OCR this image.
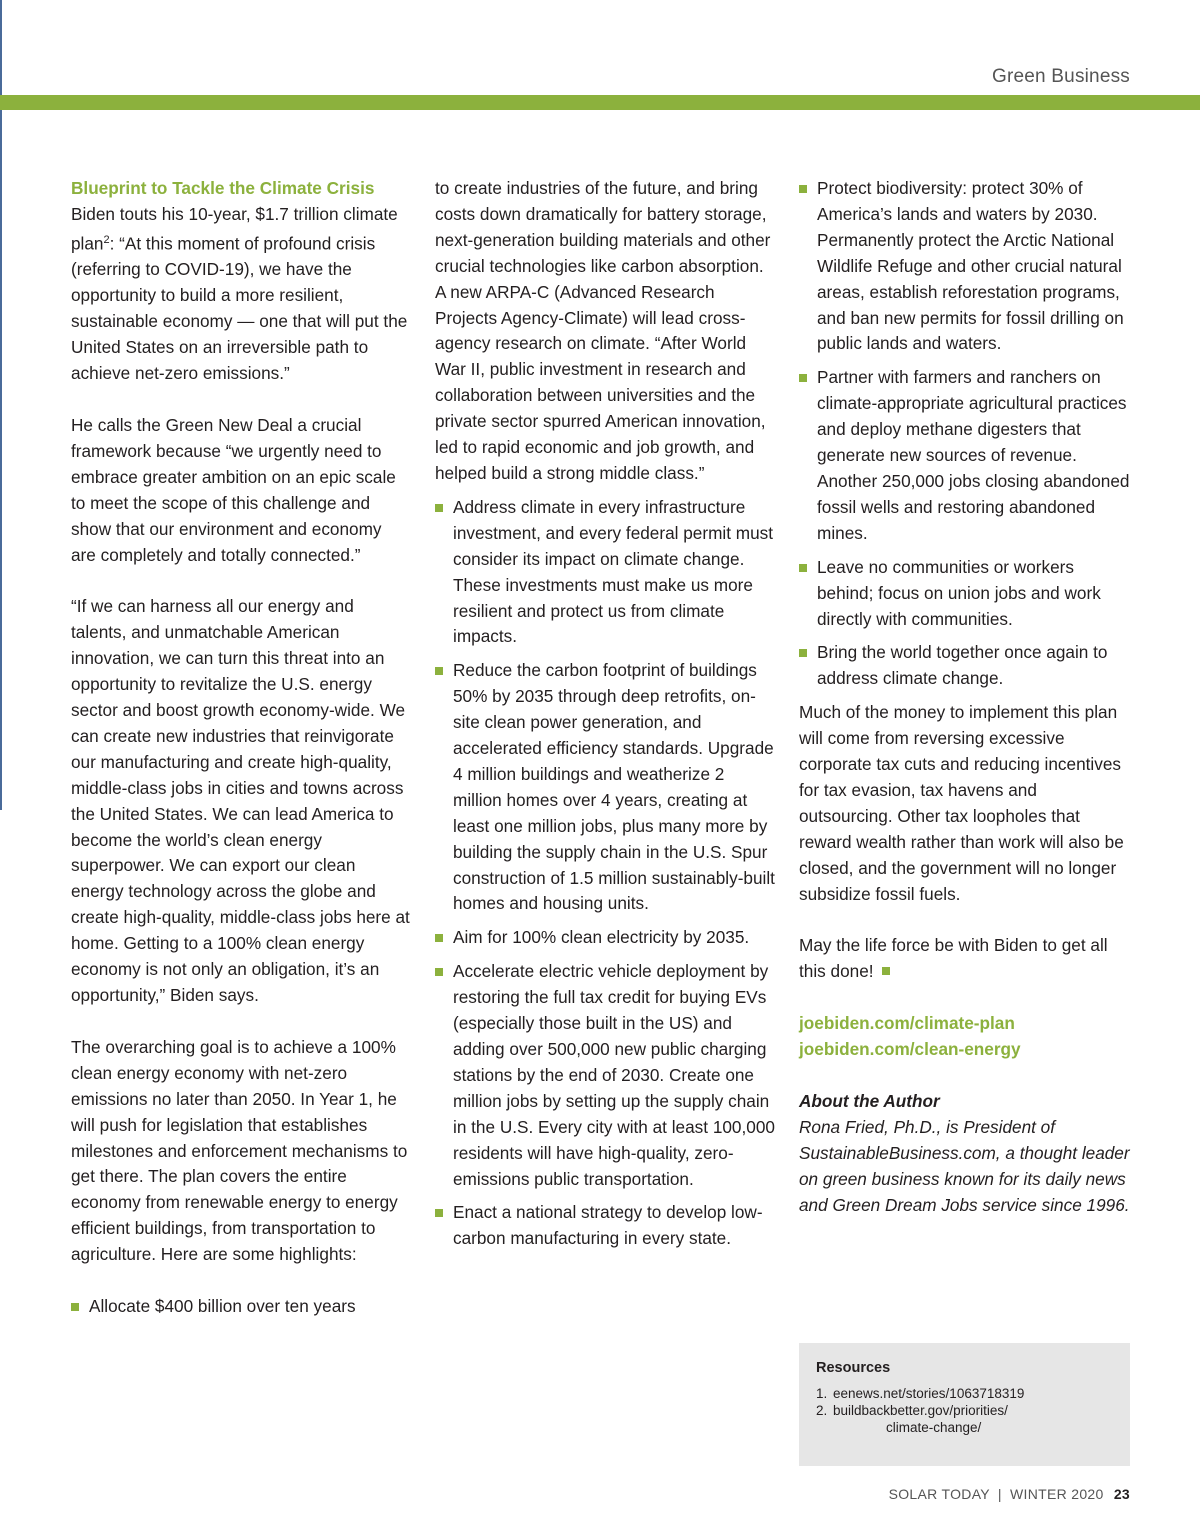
Green Business

Blueprint to Tackle the Climate Crisis

Biden touts his 10-year, $1.7 trillion climate plan$^2$: “At this moment of profound crisis (referring to COVID-19), we have the opportunity to build a more resilient, sustainable economy — one that will put the United States on an irreversible path to achieve net-zero emissions.”

He calls the Green New Deal a crucial framework because “we urgently need to embrace greater ambition on an epic scale to meet the scope of this challenge and show that our environment and economy are completely and totally connected.”

“If we can harness all our energy and talents, and unmatchable American innovation, we can turn this threat into an opportunity to revitalize the U.S. energy sector and boost growth economy-wide. We can create new industries that reinvigorate our manufacturing and create high-quality, middle-class jobs in cities and towns across the United States. We can lead America to become the world’s clean energy superpower. We can export our clean energy technology across the globe and create high-quality, middle-class jobs here at home. Getting to a 100% clean energy economy is not only an obligation, it’s an opportunity,” Biden says.

The overarching goal is to achieve a 100% clean energy economy with net-zero emissions no later than 2050. In Year 1, he will push for legislation that establishes milestones and enforcement mechanisms to get there. The plan covers the entire economy from renewable energy to energy efficient buildings, from transportation to agriculture. Here are some highlights:

Allocate $400 billion over ten years

to create industries of the future, and bring costs down dramatically for battery storage, next-generation building materials and other crucial technologies like carbon absorption. A new ARPA-C (Advanced Research Projects Agency-Climate) will lead cross-agency research on climate. “After World War II, public investment in research and collaboration between universities and the private sector spurred American innovation, led to rapid economic and job growth, and helped build a strong middle class.”

Address climate in every infrastructure investment, and every federal permit must consider its impact on climate change. These investments must make us more resilient and protect us from climate impacts.
Reduce the carbon footprint of buildings 50% by 2035 through deep retrofits, on-site clean power generation, and accelerated efficiency standards. Upgrade 4 million buildings and weatherize 2 million homes over 4 years, creating at least one million jobs, plus many more by building the supply chain in the U.S. Spur construction of 1.5 million sustainably-built homes and housing units.
Aim for 100% clean electricity by 2035.
Accelerate electric vehicle deployment by restoring the full tax credit for buying EVs (especially those built in the US) and adding over 500,000 new public charging stations by the end of 2030. Create one million jobs by setting up the supply chain in the U.S. Every city with at least 100,000 residents will have high-quality, zero-emissions public transportation.
Enact a national strategy to develop low-carbon manufacturing in every state.
Protect biodiversity: protect 30% of America’s lands and waters by 2030. Permanently protect the Arctic National Wildlife Refuge and other crucial natural areas, establish reforestation programs, and ban new permits for fossil drilling on public lands and waters.
Partner with farmers and ranchers on climate-appropriate agricultural practices and deploy methane digesters that generate new sources of revenue. Another 250,000 jobs closing abandoned fossil wells and restoring abandoned mines.
Leave no communities or workers behind; focus on union jobs and work directly with communities.
Bring the world together once again to address climate change.

Much of the money to implement this plan will come from reversing excessive corporate tax cuts and reducing incentives for tax evasion, tax havens and outsourcing. Other tax loopholes that reward wealth rather than work will also be closed, and the government will no longer subsidize fossil fuels.

May the life force be with Biden to get all this done!

joebiden.com/climate-plan
joebiden.com/clean-energy
About the Author
Rona Fried, Ph.D., is President of SustainableBusiness.com, a thought leader on green business known for its daily news and Green Dream Jobs service since 1996.
Resources
1. eenews.net/stories/1063718319
2. buildbackbetter.gov/priorities/
climate-change/
SOLAR TODAY | WINTER 2020 23
